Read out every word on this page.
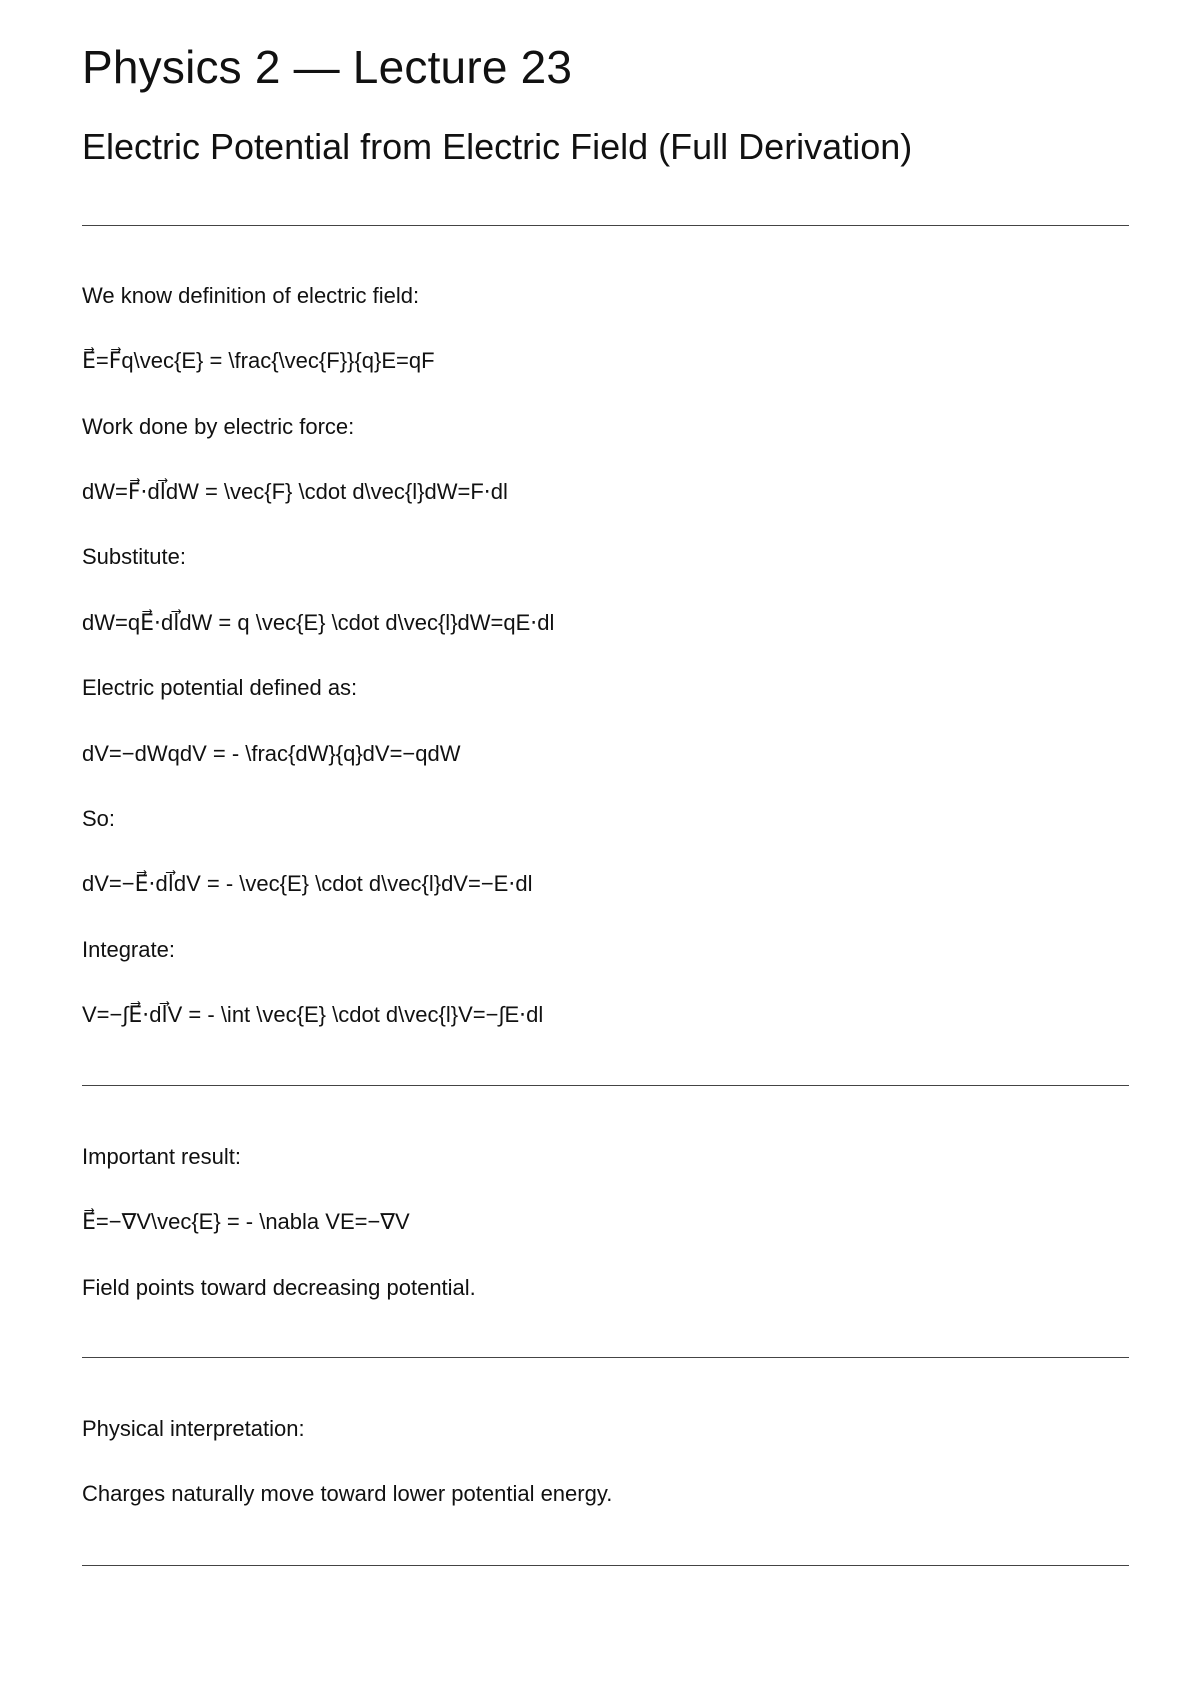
Physics 2 — Lecture 23
Electric Potential from Electric Field (Full Derivation)

We know definition of electric field:

E⃗=F⃗q\vec{E} = \frac{\vec{F}}{q}E=qF

Work done by electric force:

dW=F⃗⋅dl⃗dW = \vec{F} \cdot d\vec{l}dW=F⋅dl

Substitute:

dW=qE⃗⋅dl⃗dW = q \vec{E} \cdot d\vec{l}dW=qE⋅dl

Electric potential defined as:

dV=−dWqdV = - \frac{dW}{q}dV=−qdW

So:

dV=−E⃗⋅dl⃗dV = - \vec{E} \cdot d\vec{l}dV=−E⋅dl

Integrate:

V=−∫E⃗⋅dl⃗V = - \int \vec{E} \cdot d\vec{l}V=−∫E⋅dl

Important result:

E⃗=−∇V\vec{E} = - \nabla VE=−∇V

Field points toward decreasing potential.

Physical interpretation:

Charges naturally move toward lower potential energy.
